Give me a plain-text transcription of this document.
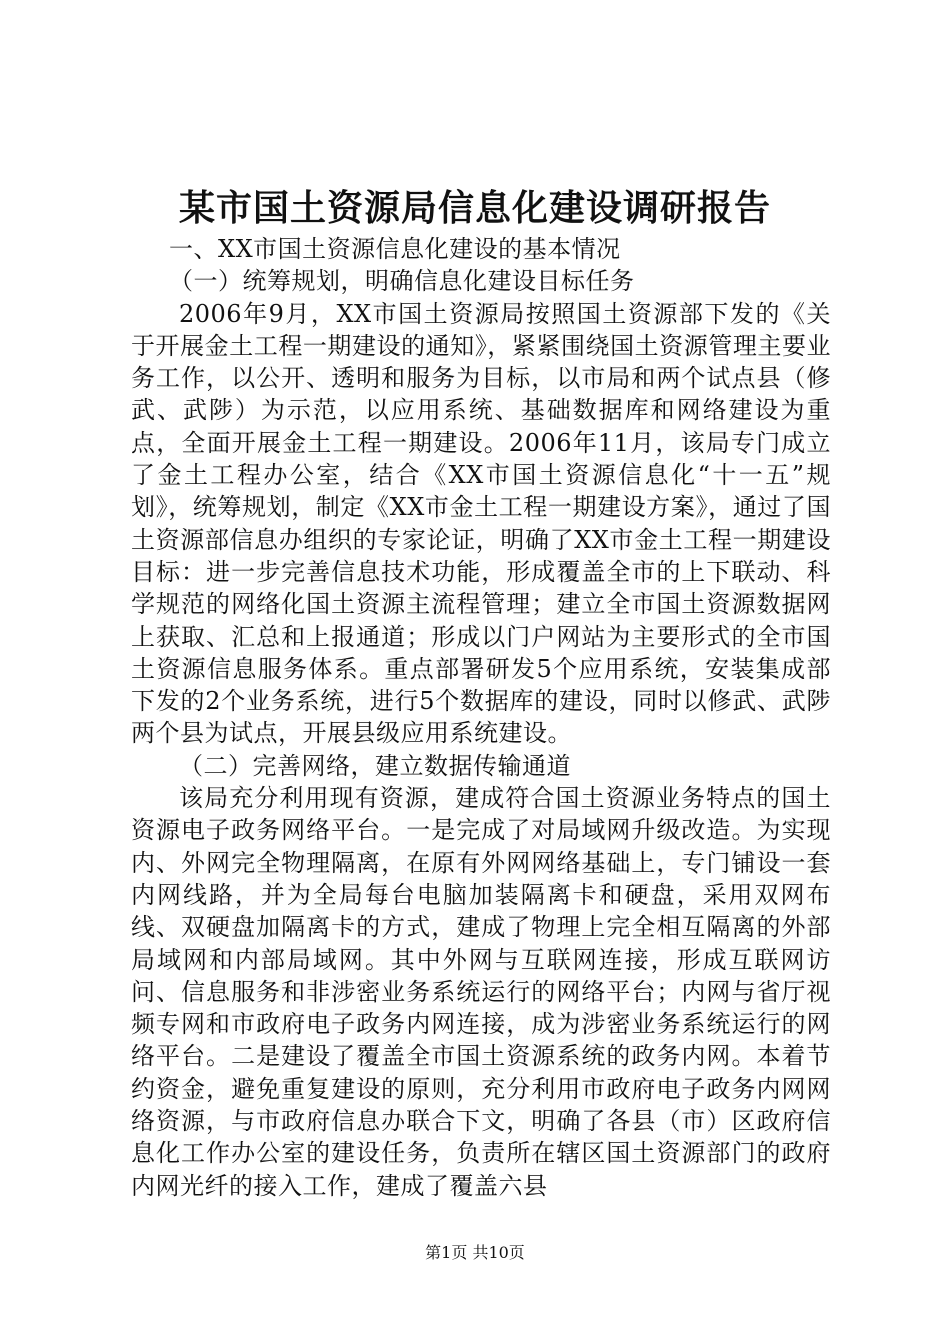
某市国土资源局信息化建设调研报告

一、XX市国土资源信息化建设的基本情况

（一）统筹规划，明确信息化建设目标任务

2006年9月，XX市国土资源局按照国土资源部下发的《关于开展金土工程一期建设的通知》，紧紧围绕国土资源管理主要业务工作，以公开、透明和服务为目标，以市局和两个试点县（修武、武陟）为示范，以应用系统、基础数据库和网络建设为重点，全面开展金土工程一期建设。2006年11月，该局专门成立了金土工程办公室，结合《XX市国土资源信息化“十一五”规划》，统筹规划，制定《XX市金土工程一期建设方案》，通过了国土资源部信息办组织的专家论证，明确了XX市金土工程一期建设目标：进一步完善信息技术功能，形成覆盖全市的上下联动、科学规范的网络化国土资源主流程管理；建立全市国土资源数据网上获取、汇总和上报通道；形成以门户网站为主要形式的全市国土资源信息服务体系。重点部署研发5个应用系统，安装集成部下发的2个业务系统，进行5个数据库的建设，同时以修武、武陟两个县为试点，开展县级应用系统建设。

（二）完善网络，建立数据传输通道

该局充分利用现有资源，建成符合国土资源业务特点的国土资源电子政务网络平台。一是完成了对局域网升级改造。为实现内、外网完全物理隔离，在原有外网网络基础上，专门铺设一套内网线路，并为全局每台电脑加装隔离卡和硬盘，采用双网布线、双硬盘加隔离卡的方式，建成了物理上完全相互隔离的外部局域网和内部局域网。其中外网与互联网连接，形成互联网访问、信息服务和非涉密业务系统运行的网络平台；内网与省厅视频专网和市政府电子政务内网连接，成为涉密业务系统运行的网络平台。二是建设了覆盖全市国土资源系统的政务内网。本着节约资金，避免重复建设的原则，充分利用市政府电子政务内网网络资源，与市政府信息办联合下文，明确了各县（市）区政府信息化工作办公室的建设任务，负责所在辖区国土资源部门的政府内网光纤的接入工作，建成了覆盖六县

第1页 共10页
